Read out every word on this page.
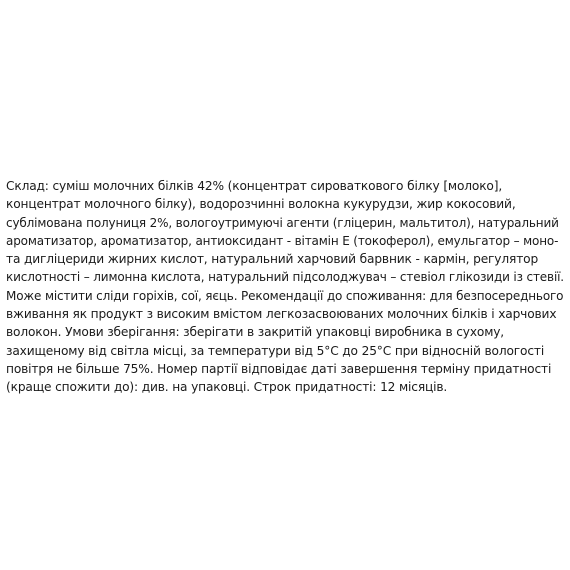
Склад: суміш молочних білків 42% (концентрат сироваткового білку [молоко],
концентрат молочного білку), водорозчинні волокна кукурудзи, жир кокосовий,
сублімована полуниця 2%, вологоутримуючі агенти (гліцерин, мальтитол), натуральний
ароматизатор, ароматизатор, антиоксидант - вітамін Е (токоферол), емульгатор – моно-
та дигліцериди жирних кислот, натуральний харчовий барвник - кармін, регулятор
кислотності – лимонна кислота, натуральний підсолоджувач – стевіол глікозиди із стевії.
Може містити сліди горіхів, сої, яєць. Рекомендації до споживання: для безпосереднього
вживання як продукт з високим вмістом легкозасвоюваних молочних білків і харчових
волокон. Умови зберігання: зберігати в закритій упаковці виробника в сухому,
захищеному від світла місці, за температури від 5°С до 25°С при відносній вологості
повітря не більше 75%. Номер партії відповідає даті завершення терміну придатності
(краще спожити до): див. на упаковці. Строк придатності: 12 місяців.
